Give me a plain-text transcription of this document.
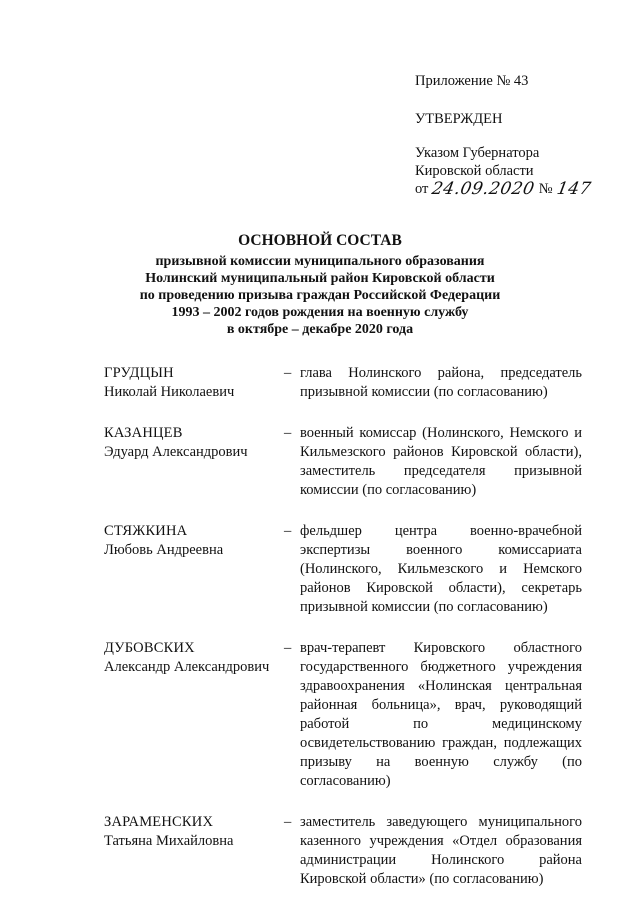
Приложение № 43
УТВЕРЖДЕН
Указом Губернатора
Кировской области
от 24.09.2020 № 147
ОСНОВНОЙ СОСТАВ
призывной комиссии муниципального образования
Нолинский муниципальный район Кировской области
по проведению призыва граждан Российской Федерации
1993 – 2002 годов рождения на военную службу
в октябре – декабре 2020 года
ГРУДЦЫН
Николай Николаевич
– глава Нолинского района, председатель призывной комиссии (по согласованию)
КАЗАНЦЕВ
Эдуард Александрович
– военный комиссар (Нолинского, Немского и Кильмезского районов Кировской области), заместитель председателя призывной комиссии (по согласованию)
СТЯЖКИНА
Любовь Андреевна
– фельдшер центра военно-врачебной экспертизы военного комиссариата (Нолинского, Кильмезского и Немского районов Кировской области), секретарь призывной комиссии (по согласованию)
ДУБОВСКИХ
Александр Александрович
– врач-терапевт Кировского областного государственного бюджетного учреждения здравоохранения «Нолинская центральная районная больница», врач, руководящий работой по медицинскому освидетельствованию граждан, подлежащих призыву на военную службу (по согласованию)
ЗАРАМЕНСКИХ
Татьяна Михайловна
– заместитель заведующего муниципального казенного учреждения «Отдел образования администрации Нолинского района Кировской области» (по согласованию)
